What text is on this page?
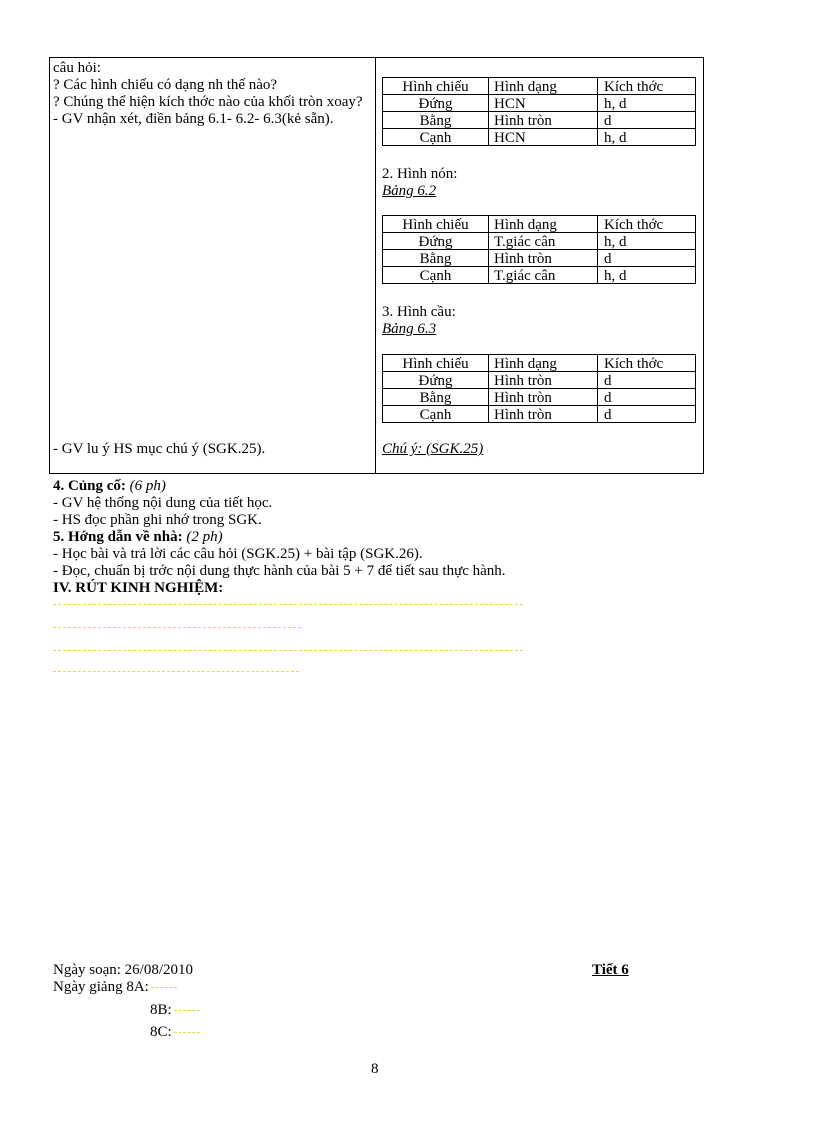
câu hỏi:

? Các hình chiếu có dạng nh thế nào?

? Chúng thể hiện kích thớc nào của khối tròn xoay?

- GV nhận xét, điền bảng 6.1- 6.2- 6.3(kẻ sẵn).

- GV lu ý HS mục chú ý (SGK.25).
Hình chiếu	Hình dạng	Kích thớc
Đứng	HCN	h, d
Bằng	Hình tròn	d
Cạnh	HCN	h, d
2. Hình nón:
Bảng 6.2
Hình chiếu	Hình dạng	Kích thớc
Đứng	T.giác cân	h, d
Bằng	Hình tròn	d
Cạnh	T.giác cân	h, d
3. Hình cầu:
Bảng 6.3
Hình chiếu	Hình dạng	Kích thớc
Đứng	Hình tròn	d
Bằng	Hình tròn	d
Cạnh	Hình tròn	d
Chú ý: (SGK.25)
4. Củng cố: (6 ph)
- GV hệ thống nội dung của tiết học.
- HS đọc phần ghi nhớ trong SGK.
5. Hớng dẫn về nhà: (2 ph)
- Học bài và trả lời các câu hỏi (SGK.25) + bài tập (SGK.26).
- Đọc, chuẩn bị trớc nội dung thực hành của bài 5 + 7 để tiết sau thực hành.
IV. RÚT KINH NGHIỆM:
Ngày soạn: 26/08/2010	Tiết 6
Ngày giảng 8A:
8B:
8C:
8
